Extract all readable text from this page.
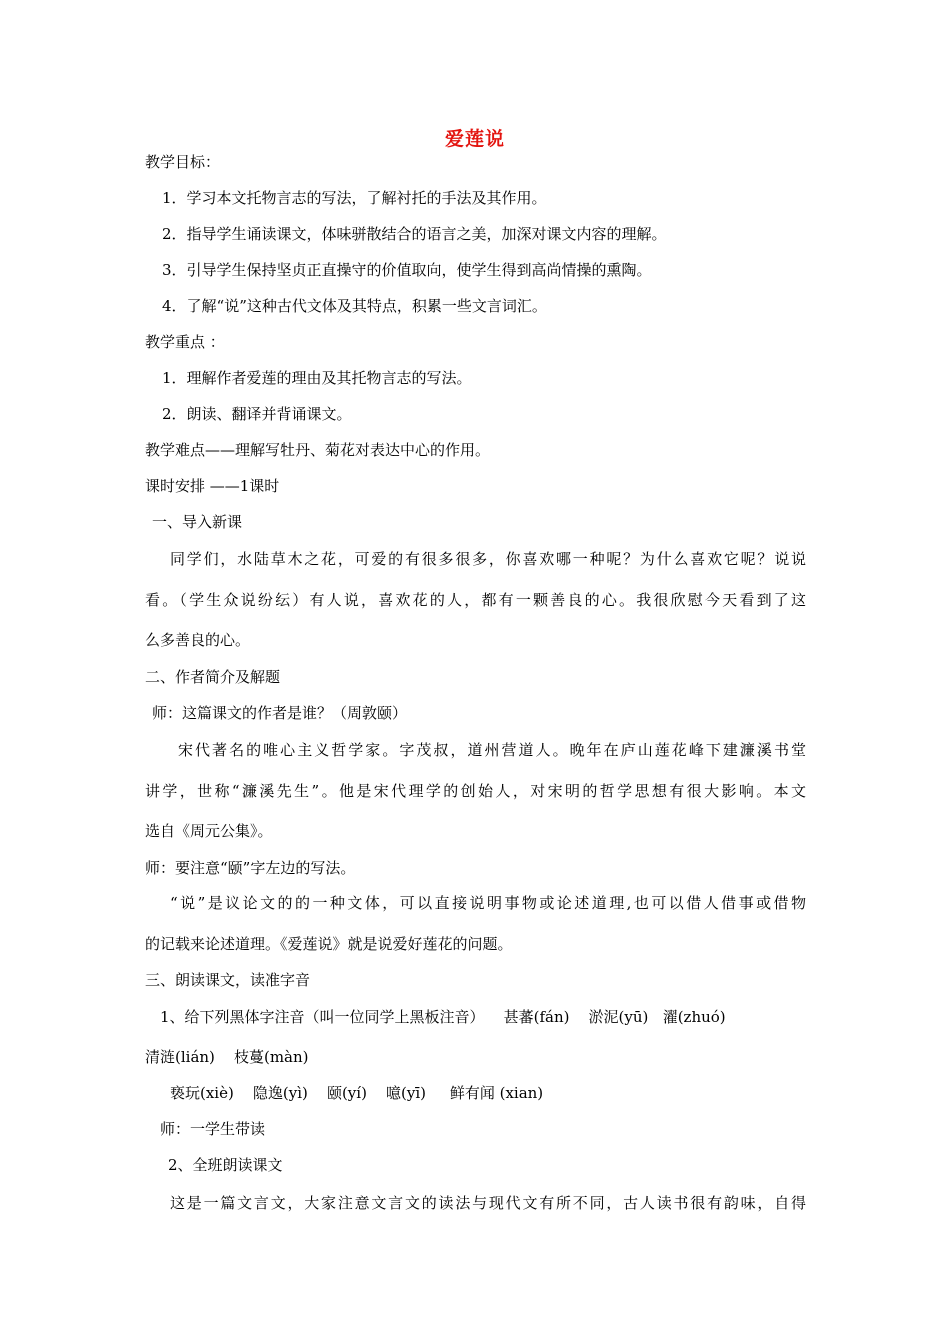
爱莲说
教学目标：
1．学习本文托物言志的写法，了解衬托的手法及其作用。
2．指导学生诵读课文，体味骈散结合的语言之美，加深对课文内容的理解。
3．引导学生保持坚贞正直操守的价值取向，使学生得到高尚情操的熏陶。
4．了解“说”这种古代文体及其特点，积累一些文言词汇。
教学重点 ：
1．理解作者爱莲的理由及其托物言志的写法。
2．朗读、翻译并背诵课文。
教学难点——理解写牡丹、菊花对表达中心的作用。
课时安排 ——1课时
一、导入新课
同学们，水陆草木之花，可爱的有很多很多，你喜欢哪一种呢？为什么喜欢它呢？说说
看。（学生众说纷纭）有人说，喜欢花的人，都有一颗善良的心。我很欣慰今天看到了这
么多善良的心。
二、作者简介及解题
师：这篇课文的作者是谁？（周敦颐）
宋代著名的唯心主义哲学家。字茂叔，道州营道人。晚年在庐山莲花峰下建濂溪书堂
讲学，世称“濂溪先生”。他是宋代理学的创始人，对宋明的哲学思想有很大影响。本文
选自《周元公集》。
师：要注意“颐”字左边的写法。
“说”是议论文的的一种文体，可以直接说明事物或论述道理,也可以借人借事或借物
的记载来论述道理。《爱莲说》就是说爱好莲花的问题。
三、朗读课文，读准字音
1、给下列黑体字注音（叫一位同学上黑板注音）    甚蕃(fán)    淤泥(yū)   濯(zhuó)
清涟(lián)    枝蔓(màn)
亵玩(xiè)    隐逸(yì)    颐(yí)    噫(yī)     鲜有闻 (xian)
师：一学生带读
2、全班朗读课文
这是一篇文言文，大家注意文言文的读法与现代文有所不同，古人读书很有韵味，自得
